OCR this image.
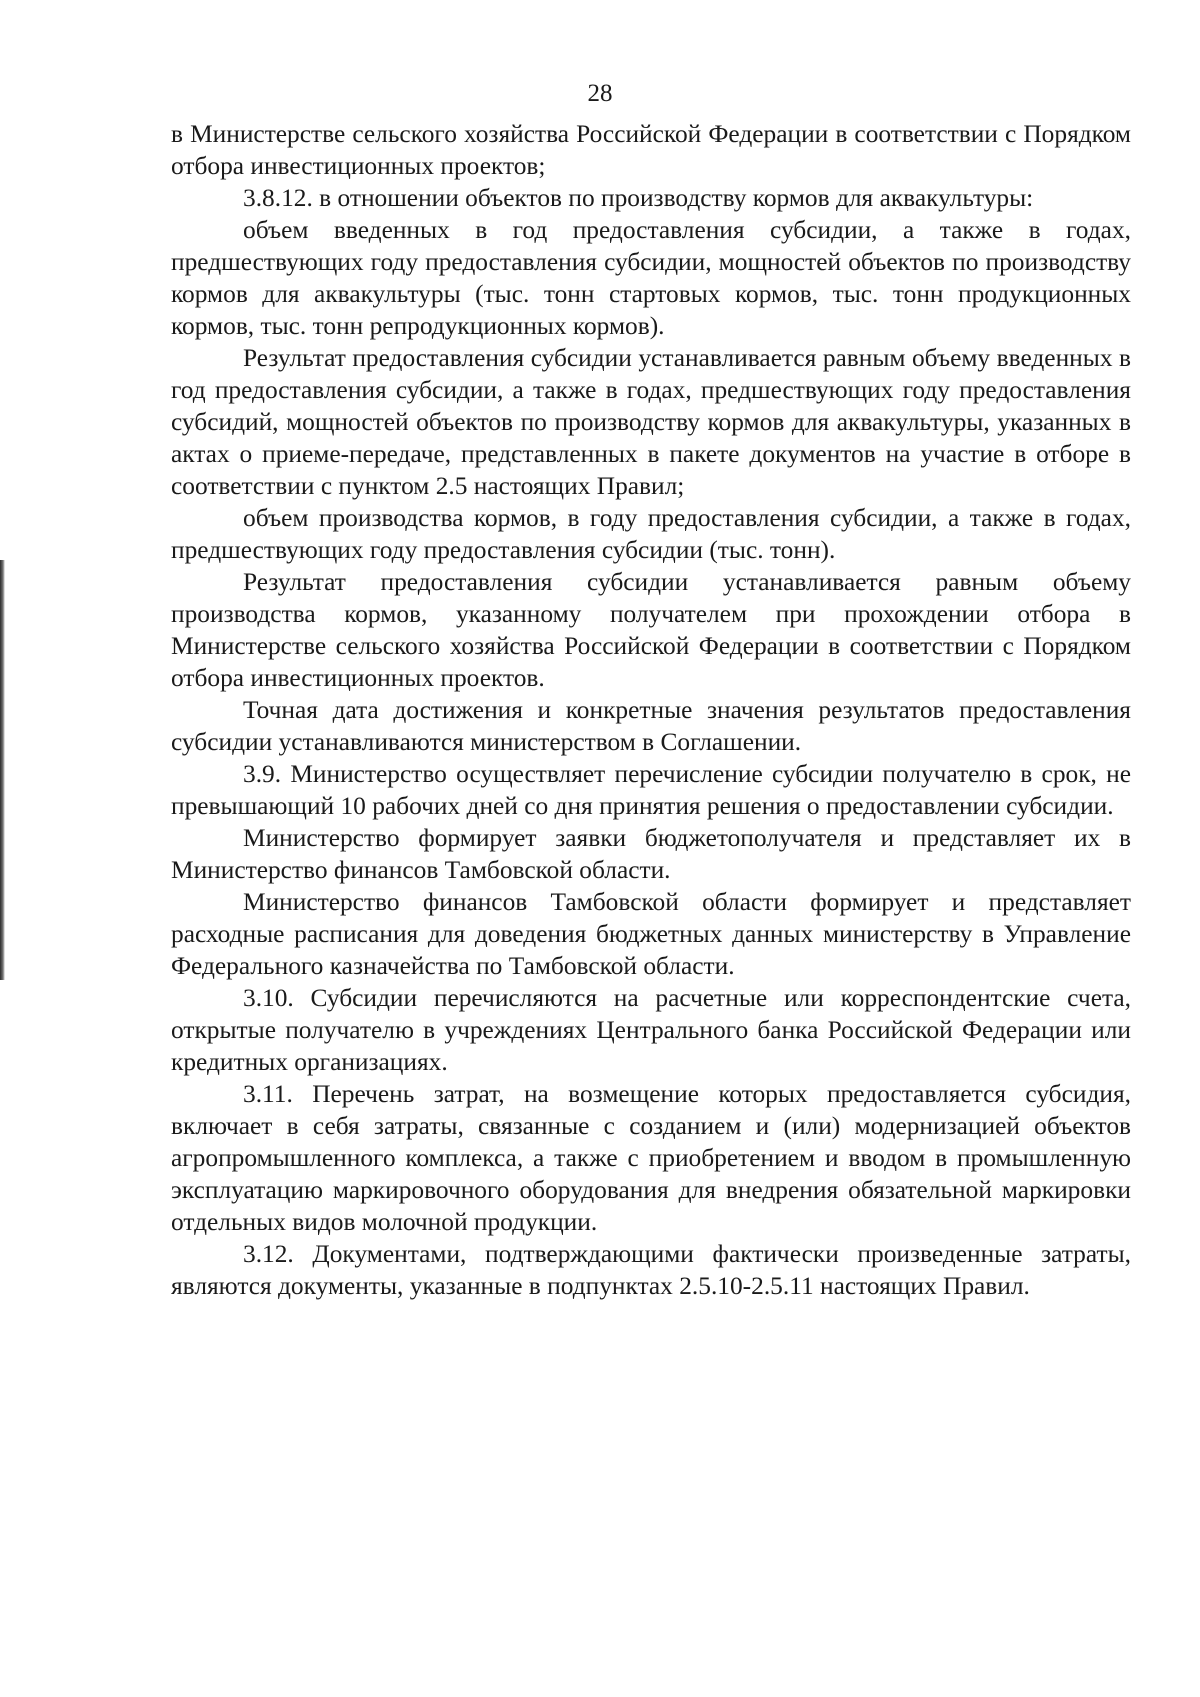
28

в Министерстве сельского хозяйства Российской Федерации в соответствии с Порядком отбора инвестиционных проектов;

3.8.12. в отношении объектов по производству кормов для аквакультуры:

объем введенных в год предоставления субсидии, а также в годах, предшествующих году предоставления субсидии, мощностей объектов по производству кормов для аквакультуры (тыс. тонн стартовых кормов, тыс. тонн продукционных кормов, тыс. тонн репродукционных кормов).

Результат предоставления субсидии устанавливается равным объему введенных в год предоставления субсидии, а также в годах, предшествующих году предоставления субсидий, мощностей объектов по производству кормов для аквакультуры, указанных в актах о приеме-передаче, представленных в пакете документов на участие в отборе в соответствии с пунктом 2.5 настоящих Правил;

объем производства кормов, в году предоставления субсидии, а также в годах, предшествующих году предоставления субсидии (тыс. тонн).

Результат предоставления субсидии устанавливается равным объему производства кормов, указанному получателем при прохождении отбора в Министерстве сельского хозяйства Российской Федерации в соответствии с Порядком отбора инвестиционных проектов.

Точная дата достижения и конкретные значения результатов предоставления субсидии устанавливаются министерством в Соглашении.

3.9. Министерство осуществляет перечисление субсидии получателю в срок, не превышающий 10 рабочих дней со дня принятия решения о предоставлении субсидии.

Министерство формирует заявки бюджетополучателя и представляет их в Министерство финансов Тамбовской области.

Министерство финансов Тамбовской области формирует и представляет расходные расписания для доведения бюджетных данных министерству в Управление Федерального казначейства по Тамбовской области.

3.10. Субсидии перечисляются на расчетные или корреспондентские счета, открытые получателю в учреждениях Центрального банка Российской Федерации или кредитных организациях.

3.11. Перечень затрат, на возмещение которых предоставляется субсидия, включает в себя затраты, связанные с созданием и (или) модернизацией объектов агропромышленного комплекса, а также с приобретением и вводом в промышленную эксплуатацию маркировочного оборудования для внедрения обязательной маркировки отдельных видов молочной продукции.

3.12. Документами, подтверждающими фактически произведенные затраты, являются документы, указанные в подпунктах 2.5.10-2.5.11 настоящих Правил.
